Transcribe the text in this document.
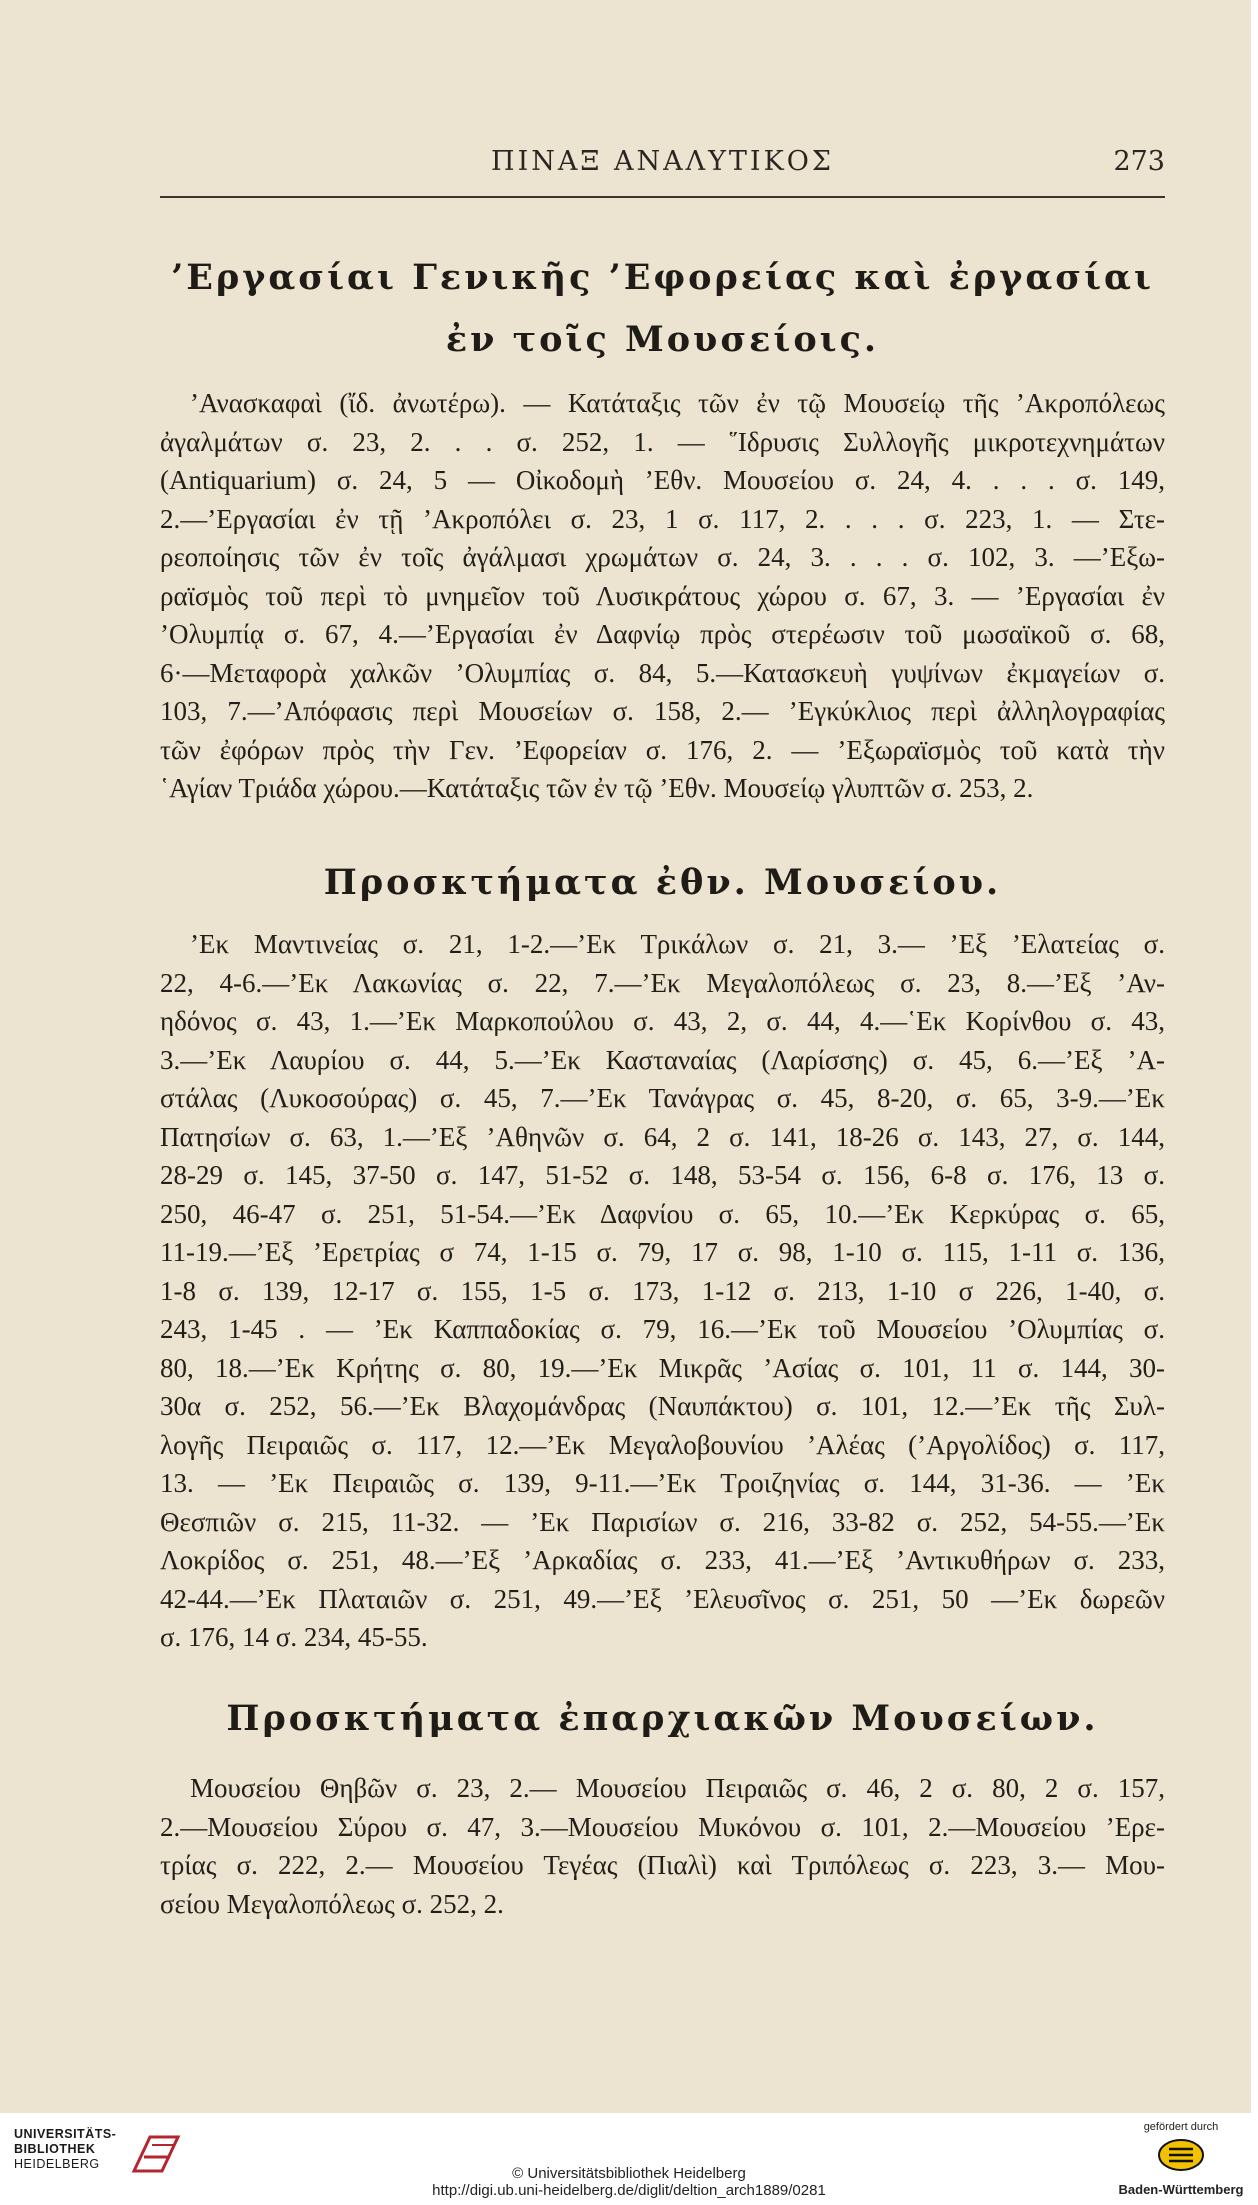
ΠΙΝΑΞ ΑΝΑΛΥΤΙΚΟΣ	273
’Εργασίαι Γενικῆς ’Εφορείας καὶ ἐργασίαι
ἐν τοῖς Μουσείοις.
’Ανασκαφαὶ (ἴδ. ἀνωτέρω). — Κατάταξις τῶν ἐν τῷ Μουσείῳ τῆς ’Ακροπόλεως
ἀγαλμάτων σ. 23, 2. . . σ. 252, 1. — ῞Ιδρυσις Συλλογῆς μικροτεχνημάτων
(Antiquarium) σ. 24, 5 — Οἰκοδομὴ ’Εθν. Μουσείου σ. 24, 4. . . . σ. 149,
2.—’Εργασίαι ἐν τῇ ’Ακροπόλει σ. 23, 1 σ. 117, 2. . . . σ. 223, 1. — Στε-
ρεοποίησις τῶν ἐν τοῖς ἀγάλμασι χρωμάτων σ. 24, 3. . . . σ. 102, 3. —’Εξω-
ραϊσμὸς τοῦ περὶ τὸ μνημεῖον τοῦ Λυσικράτους χώρου σ. 67, 3. — ’Εργασίαι ἐν
’Ολυμπίᾳ σ. 67, 4.—’Εργασίαι ἐν Δαφνίῳ πρὸς στερέωσιν τοῦ μωσαϊκοῦ σ. 68,
6·—Μεταφορὰ χαλκῶν ’Ολυμπίας σ. 84, 5.—Κατασκευὴ γυψίνων ἐκμαγείων σ.
103, 7.—’Απόφασις περὶ Μουσείων σ. 158, 2.— ’Εγκύκλιος περὶ ἀλληλογραφίας
τῶν ἐφόρων πρὸς τὴν Γεν. ’Εφορείαν σ. 176, 2. — ’Εξωραϊσμὸς τοῦ κατὰ τὴν
῾Αγίαν Τριάδα χώρου.—Κατάταξις τῶν ἐν τῷ ’Εθν. Μουσείῳ γλυπτῶν σ. 253, 2.
Προσκτήματα ἐθν. Μουσείου.
’Εκ Μαντινείας σ. 21, 1-2.—’Εκ Τρικάλων σ. 21, 3.— ’Εξ ’Ελατείας σ.
22, 4-6.—’Εκ Λακωνίας σ. 22, 7.—’Εκ Μεγαλοπόλεως σ. 23, 8.—’Εξ ’Αν-
ηδόνος σ. 43, 1.—’Εκ Μαρκοπούλου σ. 43, 2, σ. 44, 4.—῾Εκ Κορίνθου σ. 43,
3.—’Εκ Λαυρίου σ. 44, 5.—’Εκ Κασταναίας (Λαρίσσης) σ. 45, 6.—’Εξ ’Α-
στάλας (Λυκοσούρας) σ. 45, 7.—’Εκ Τανάγρας σ. 45, 8-20, σ. 65, 3-9.—’Εκ
Πατησίων σ. 63, 1.—’Εξ ’Αθηνῶν σ. 64, 2 σ. 141, 18-26 σ. 143, 27, σ. 144,
28-29 σ. 145, 37-50 σ. 147, 51-52 σ. 148, 53-54 σ. 156, 6-8 σ. 176, 13 σ.
250, 46-47 σ. 251, 51-54.—’Εκ Δαφνίου σ. 65, 10.—’Εκ Κερκύρας σ. 65,
11-19.—’Εξ ’Ερετρίας σ 74, 1-15 σ. 79, 17 σ. 98, 1-10 σ. 115, 1-11 σ. 136,
1-8 σ. 139, 12-17 σ. 155, 1-5 σ. 173, 1-12 σ. 213, 1-10 σ 226, 1-40, σ.
243, 1-45 . — ’Εκ Καππαδοκίας σ. 79, 16.—’Εκ τοῦ Μουσείου ’Ολυμπίας σ.
80, 18.—’Εκ Κρήτης σ. 80, 19.—’Εκ Μικρᾶς ’Ασίας σ. 101, 11 σ. 144, 30-
30α σ. 252, 56.—’Εκ Βλαχομάνδρας (Ναυπάκτου) σ. 101, 12.—’Εκ τῆς Συλ-
λογῆς Πειραιῶς σ. 117, 12.—’Εκ Μεγαλοβουνίου ’Αλέας (’Αργολίδος) σ. 117,
13. — ’Εκ Πειραιῶς σ. 139, 9-11.—’Εκ Τροιζηνίας σ. 144, 31-36. — ’Εκ
Θεσπιῶν σ. 215, 11-32. — ’Εκ Παρισίων σ. 216, 33-82 σ. 252, 54-55.—’Εκ
Λοκρίδος σ. 251, 48.—’Εξ ’Αρκαδίας σ. 233, 41.—’Εξ ’Αντικυθήρων σ. 233,
42-44.—’Εκ Πλαταιῶν σ. 251, 49.—’Εξ ’Ελευσῖνος σ. 251, 50 —’Εκ δωρεῶν
σ. 176, 14 σ. 234, 45-55.
Προσκτήματα ἐπαρχιακῶν Μουσείων.
Μουσείου Θηβῶν σ. 23, 2.— Μουσείου Πειραιῶς σ. 46, 2 σ. 80, 2 σ. 157,
2.—Μουσείου Σύρου σ. 47, 3.—Μουσείου Μυκόνου σ. 101, 2.—Μουσείου ’Ερε-
τρίας σ. 222, 2.— Μουσείου Τεγέας (Πιαλὶ) καὶ Τριπόλεως σ. 223, 3.— Μου-
σείου Μεγαλοπόλεως σ. 252, 2.
UNIVERSITÄTS-
BIBLIOTHEK
HEIDELBERG
© Universitätsbibliothek Heidelberg
http://digi.ub.uni-heidelberg.de/diglit/deltion_arch1889/0281
gefördert durch
Baden-Württemberg
